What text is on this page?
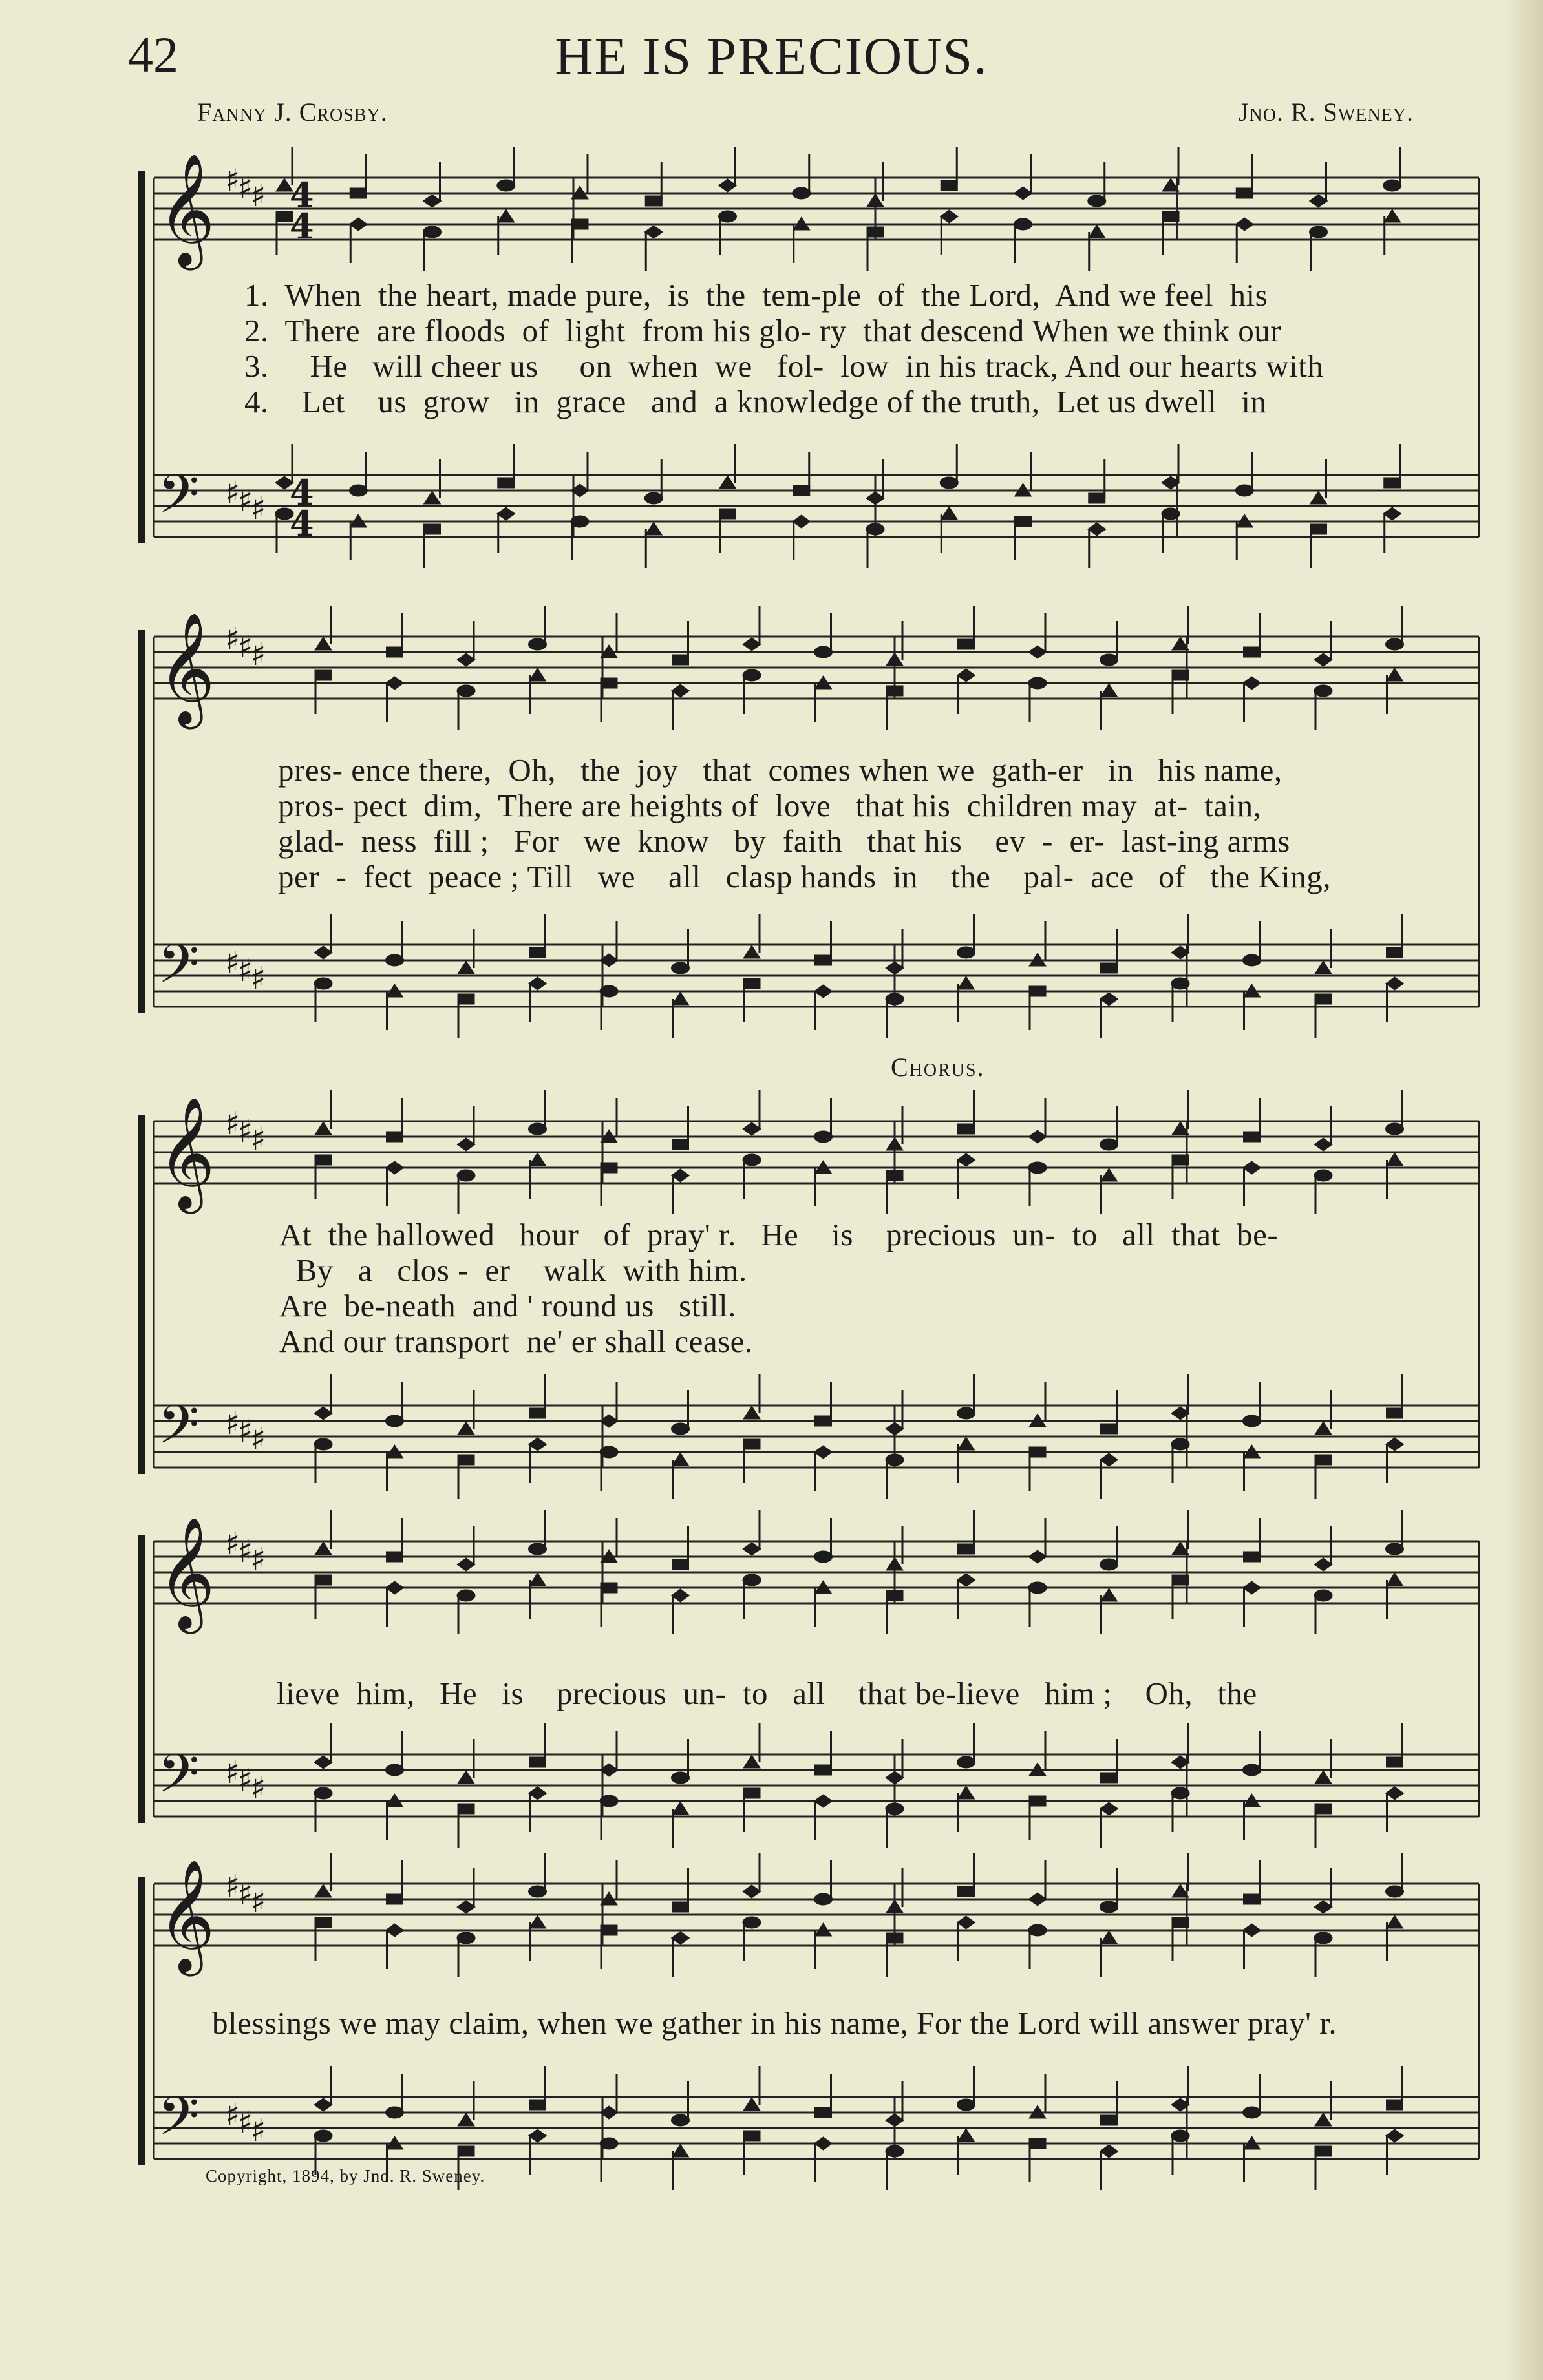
42	HE IS PRECIOUS.
Fanny J. Crosby.	Jno. R. Sweney.
𝄞 ♯
♯
♯ 4
4
𝄢 ♯
♯
♯ 4
4
𝄞 ♯
♯
♯
𝄢 ♯
♯
♯
𝄞 ♯
♯
♯
𝄢 ♯
♯
♯
𝄞 ♯
♯
♯
𝄢 ♯
♯
♯
𝄞 ♯
♯
♯
𝄢 ♯
♯
♯
1.  When  the heart, made pure,  is  the  tem-ple  of  the Lord,  And we feel  his
2.  There  are floods  of  light  from his glo- ry  that descend When we think our
3.     He   will cheer us     on  when  we   fol-  low  in his track, And our hearts with
4.    Let    us  grow   in  grace   and  a knowledge of the truth,  Let us dwell   in
pres- ence there,  Oh,   the  joy   that  comes when we  gath-er   in   his name,
pros- pect  dim,  There are heights of  love   that his  children may  at-  tain,
glad-  ness  fill ;   For   we  know   by  faith   that his    ev  -  er-  last-ing arms
per  -  fect  peace ; Till   we    all   clasp hands  in    the    pal-  ace   of   the King,
Chorus.
At  the hallowed   hour   of  pray' r.   He    is    precious  un-  to   all  that  be-
By   a   clos -  er    walk  with him.
Are  be-neath  and ' round us   still.
And our transport  ne' er shall cease.
lieve  him,   He   is    precious  un-  to   all    that be-lieve   him ;    Oh,   the
blessings we may claim, when we gather in his name, For the Lord will answer pray' r.
Copyright, 1894, by Jno. R. Sweney.
